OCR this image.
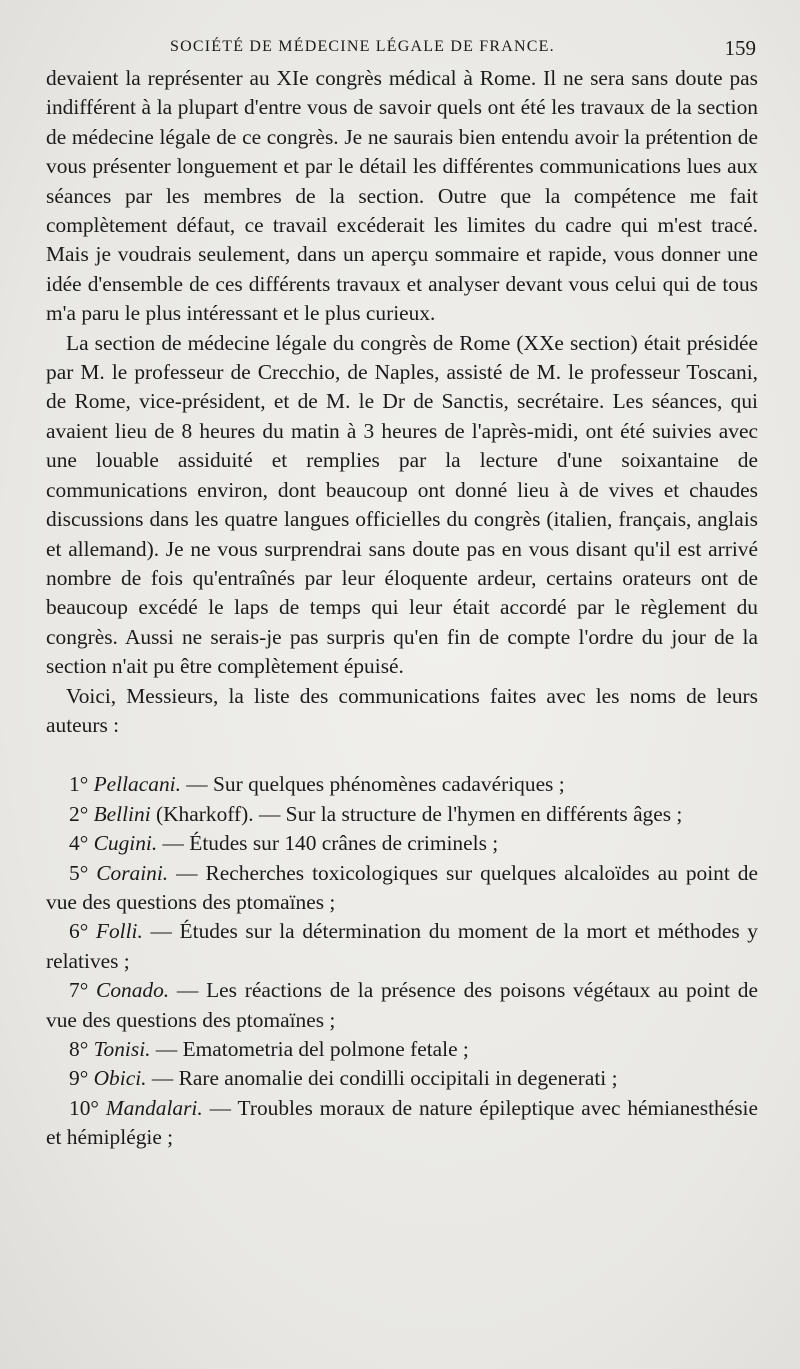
SOCIÉTÉ DE MÉDECINE LÉGALE DE FRANCE.	159

devaient la représenter au XIe congrès médical à Rome. Il ne sera sans doute pas indifférent à la plupart d'entre vous de savoir quels ont été les travaux de la section de médecine légale de ce congrès. Je ne saurais bien entendu avoir la prétention de vous présenter longuement et par le détail les différentes communications lues aux séances par les membres de la section. Outre que la compétence me fait complètement défaut, ce travail excéderait les limites du cadre qui m'est tracé. Mais je voudrais seulement, dans un aperçu sommaire et rapide, vous donner une idée d'ensemble de ces différents travaux et analyser devant vous celui qui de tous m'a paru le plus intéressant et le plus curieux.

La section de médecine légale du congrès de Rome (XXe section) était présidée par M. le professeur de Crecchio, de Naples, assisté de M. le professeur Toscani, de Rome, vice-président, et de M. le Dr de Sanctis, secrétaire. Les séances, qui avaient lieu de 8 heures du matin à 3 heures de l'après-midi, ont été suivies avec une louable assiduité et remplies par la lecture d'une soixantaine de communications environ, dont beaucoup ont donné lieu à de vives et chaudes discussions dans les quatre langues officielles du congrès (italien, français, anglais et allemand). Je ne vous surprendrai sans doute pas en vous disant qu'il est arrivé nombre de fois qu'entraînés par leur éloquente ardeur, certains orateurs ont de beaucoup excédé le laps de temps qui leur était accordé par le règlement du congrès. Aussi ne serais-je pas surpris qu'en fin de compte l'ordre du jour de la section n'ait pu être complètement épuisé.

Voici, Messieurs, la liste des communications faites avec les noms de leurs auteurs :

1° Pellacani. — Sur quelques phénomènes cadavériques ;

2° Bellini (Kharkoff). — Sur la structure de l'hymen en différents âges ;

4° Cugini. — Études sur 140 crânes de criminels ;

5° Coraini. — Recherches toxicologiques sur quelques alcaloïdes au point de vue des questions des ptomaïnes ;

6° Folli. — Études sur la détermination du moment de la mort et méthodes y relatives ;

7° Conado. — Les réactions de la présence des poisons végétaux au point de vue des questions des ptomaïnes ;

8° Tonisi. — Ematometria del polmone fetale ;

9° Obici. — Rare anomalie dei condilli occipitali in degenerati ;

10° Mandalari. — Troubles moraux de nature épileptique avec hémianesthésie et hémiplégie ;
